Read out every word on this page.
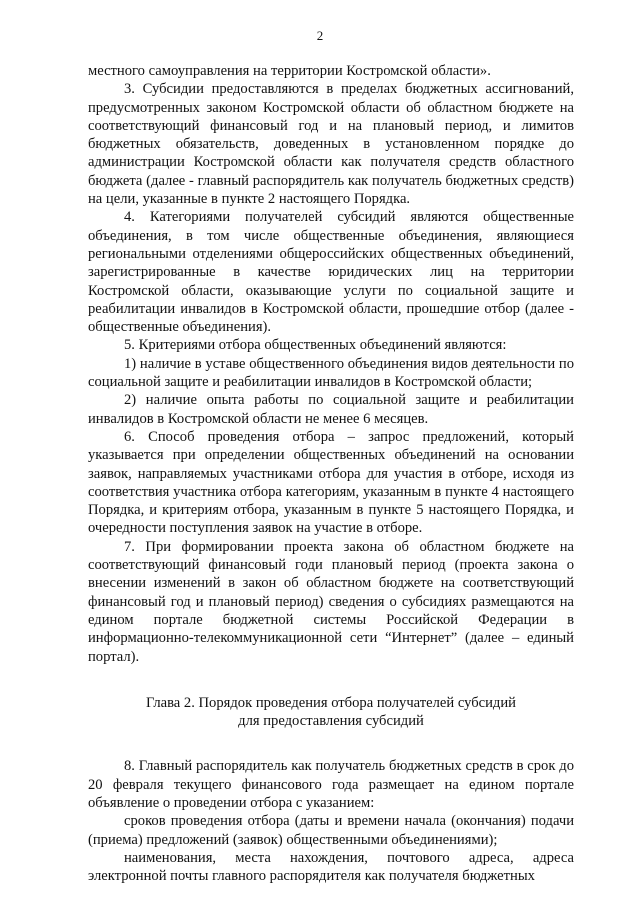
2

местного самоуправления на территории Костромской области».

3. Субсидии предоставляются в пределах бюджетных ассигнований, предусмотренных законом Костромской области об областном бюджете на соответствующий финансовый год и на плановый период, и лимитов бюджетных обязательств, доведенных в установленном порядке до администрации Костромской области как получателя средств областного бюджета (далее - главный распорядитель как получатель бюджетных средств) на цели, указанные в пункте 2 настоящего Порядка.

4. Категориями получателей субсидий являются общественные объединения, в том числе общественные объединения, являющиеся региональными отделениями общероссийских общественных объединений, зарегистрированные в качестве юридических лиц на территории Костромской области, оказывающие услуги по социальной защите и реабилитации инвалидов в Костромской области, прошедшие отбор (далее - общественные объединения).

5. Критериями отбора общественных объединений являются:

1) наличие в уставе общественного объединения видов деятельности по социальной защите и реабилитации инвалидов в Костромской области;

2) наличие опыта работы по социальной защите и реабилитации инвалидов в Костромской области не менее 6 месяцев.

6. Способ проведения отбора – запрос предложений, который указывается при определении общественных объединений на основании заявок, направляемых участниками отбора для участия в отборе, исходя из соответствия участника отбора категориям, указанным в пункте 4 настоящего Порядка, и критериям отбора, указанным в пункте 5 настоящего Порядка, и очередности поступления заявок на участие в отборе.

7. При формировании проекта закона об областном бюджете на соответствующий финансовый годи плановый период (проекта закона о внесении изменений в закон об областном бюджете на соответствующий финансовый год и плановый период) сведения о субсидиях размещаются на едином портале бюджетной системы Российской Федерации в информационно-телекоммуникационной сети “Интернет” (далее – единый портал).

Глава 2. Порядок проведения отбора получателей субсидий
для предоставления субсидий

8. Главный распорядитель как получатель бюджетных средств в срок до 20 февраля текущего финансового года размещает на едином портале объявление о проведении отбора с указанием:

сроков проведения отбора (даты и времени начала (окончания) подачи (приема) предложений (заявок) общественными объединениями);

наименования, места нахождения, почтового адреса, адреса электронной почты главного распорядителя как получателя бюджетных
